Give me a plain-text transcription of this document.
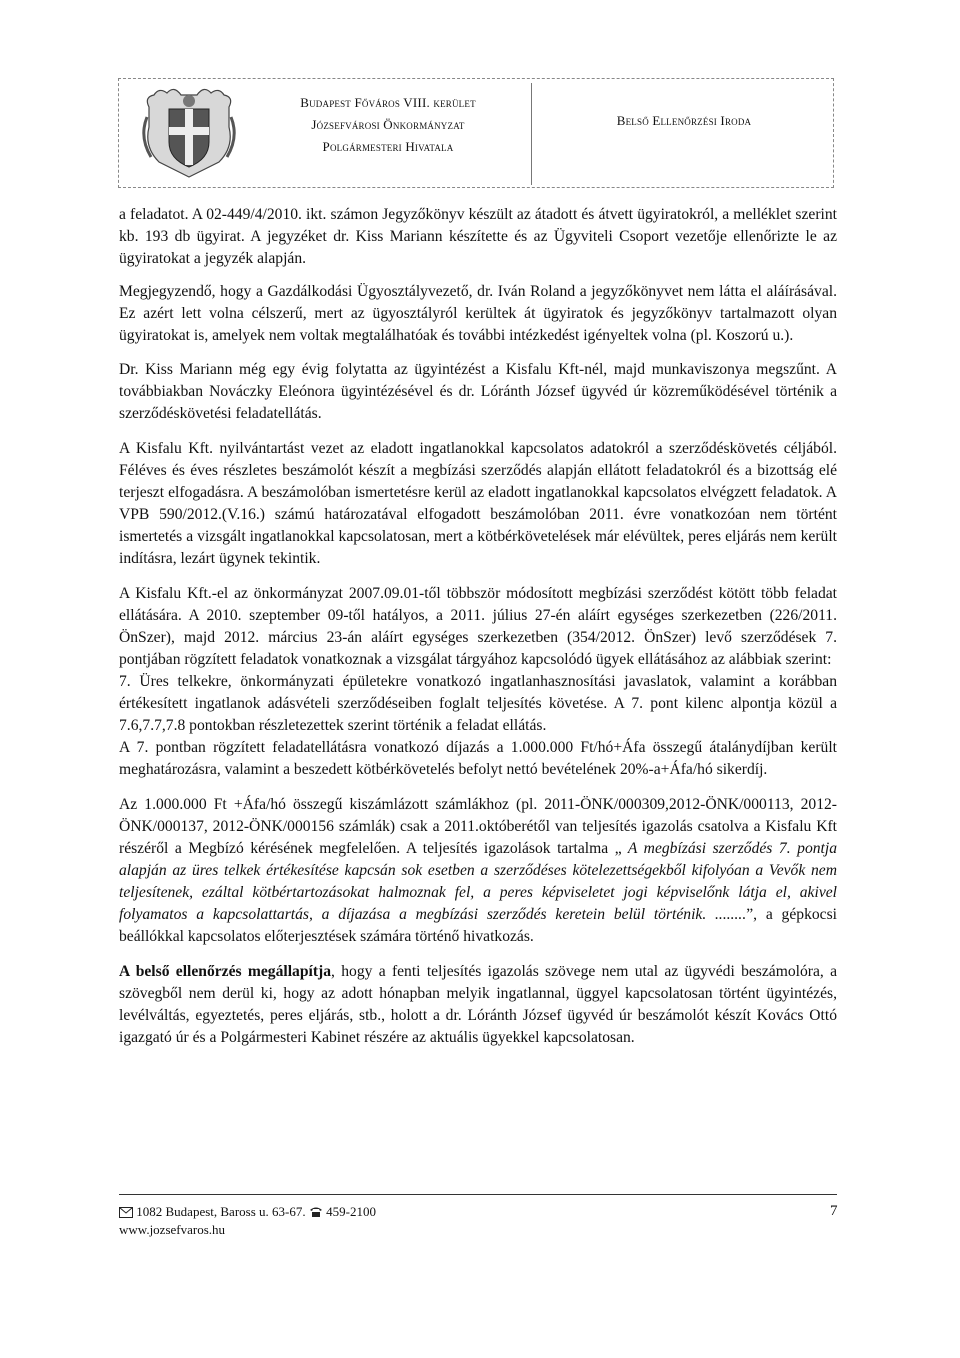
Budapest Főváros VIII. kerület
Józsefvárosi Önkormányzat
Polgármesteri Hivatala
Belső Ellenőrzési Iroda

a feladatot. A 02-449/4/2010. ikt. számon Jegyzőkönyv készült az átadott és átvett ügyiratokról, a melléklet szerint kb. 193 db ügyirat. A jegyzéket dr. Kiss Mariann készítette és az Ügyviteli Csoport vezetője ellenőrizte le az ügyiratokat a jegyzék alapján.

Megjegyzendő, hogy a Gazdálkodási Ügyosztályvezető, dr. Iván Roland a jegyzőkönyvet nem látta el aláírásával. Ez azért lett volna célszerű, mert az ügyosztályról kerültek át ügyiratok és jegyzőkönyv tartalmazott olyan ügyiratokat is, amelyek nem voltak megtalálhatóak és további intézkedést igényeltek volna (pl. Koszorú u.).

Dr. Kiss Mariann még egy évig folytatta az ügyintézést a Kisfalu Kft-nél, majd munkaviszonya megszűnt. A továbbiakban Nováczky Eleónora ügyintézésével és dr. Lóránth József ügyvéd úr közreműködésével történik a szerződéskövetési feladatellátás.

A Kisfalu Kft. nyilvántartást vezet az eladott ingatlanokkal kapcsolatos adatokról a szerződéskövetés céljából. Féléves és éves részletes beszámolót készít a megbízási szerződés alapján ellátott feladatokról és a bizottság elé terjeszt elfogadásra. A beszámolóban ismertetésre kerül az eladott ingatlanokkal kapcsolatos elvégzett feladatok. A VPB 590/2012.(V.16.) számú határozatával elfogadott beszámolóban 2011. évre vonatkozóan nem történt ismertetés a vizsgált ingatlanokkal kapcsolatosan, mert a kötbérkövetelések már elévültek, peres eljárás nem került indításra, lezárt ügynek tekintik.

A Kisfalu Kft.-el az önkormányzat 2007.09.01-től többször módosított megbízási szerződést kötött több feladat ellátására. A 2010. szeptember 09-től hatályos, a 2011. július 27-én aláírt egységes szerkezetben (226/2011. ÖnSzer), majd 2012. március 23-án aláírt egységes szerkezetben (354/2012. ÖnSzer) levő szerződések 7. pontjában rögzített feladatok vonatkoznak a vizsgálat tárgyához kapcsolódó ügyek ellátásához az alábbiak szerint:

7. Üres telkekre, önkormányzati épületekre vonatkozó ingatlanhasznosítási javaslatok, valamint a korábban értékesített ingatlanok adásvételi szerződéseiben foglalt teljesítés követése. A 7. pont kilenc alpontja közül a 7.6,7.7,7.8 pontokban részletezettek szerint történik a feladat ellátás.

A 7. pontban rögzített feladatellátásra vonatkozó díjazás a 1.000.000 Ft/hó+Áfa összegű átalánydíjban került meghatározásra, valamint a beszedett kötbérkövetelés befolyt nettó bevételének 20%-a+Áfa/hó sikerdíj.

Az 1.000.000 Ft +Áfa/hó összegű kiszámlázott számlákhoz (pl. 2011-ÖNK/000309,2012-ÖNK/000113, 2012-ÖNK/000137, 2012-ÖNK/000156 számlák) csak a 2011.októberétől van teljesítés igazolás csatolva a Kisfalu Kft részéről a Megbízó kérésének megfelelően. A teljesítés igazolások tartalma „ A megbízási szerződés 7. pontja alapján az üres telkek értékesítése kapcsán sok esetben a szerződéses kötelezettségekből kifolyóan a Vevők nem teljesítenek, ezáltal kötbértartozásokat halmoznak fel, a peres képviseletet jogi képviselőnk látja el, akivel folyamatos a kapcsolattartás, a díjazása a megbízási szerződés keretein belül történik. ........”, a gépkocsi beállókkal kapcsolatos előterjesztések számára történő hivatkozás.

A belső ellenőrzés megállapítja, hogy a fenti teljesítés igazolás szövege nem utal az ügyvédi beszámolóra, a szövegből nem derül ki, hogy az adott hónapban melyik ingatlannal, üggyel kapcsolatosan történt ügyintézés, levélváltás, egyeztetés, peres eljárás, stb., holott a dr. Lóránth József ügyvéd úr beszámolót készít Kovács Ottó igazgató úr és a Polgármesteri Kabinet részére az aktuális ügyekkel kapcsolatosan.

1082 Budapest, Baross u. 63-67. 459-2100
www.jozsefvaros.hu
7
